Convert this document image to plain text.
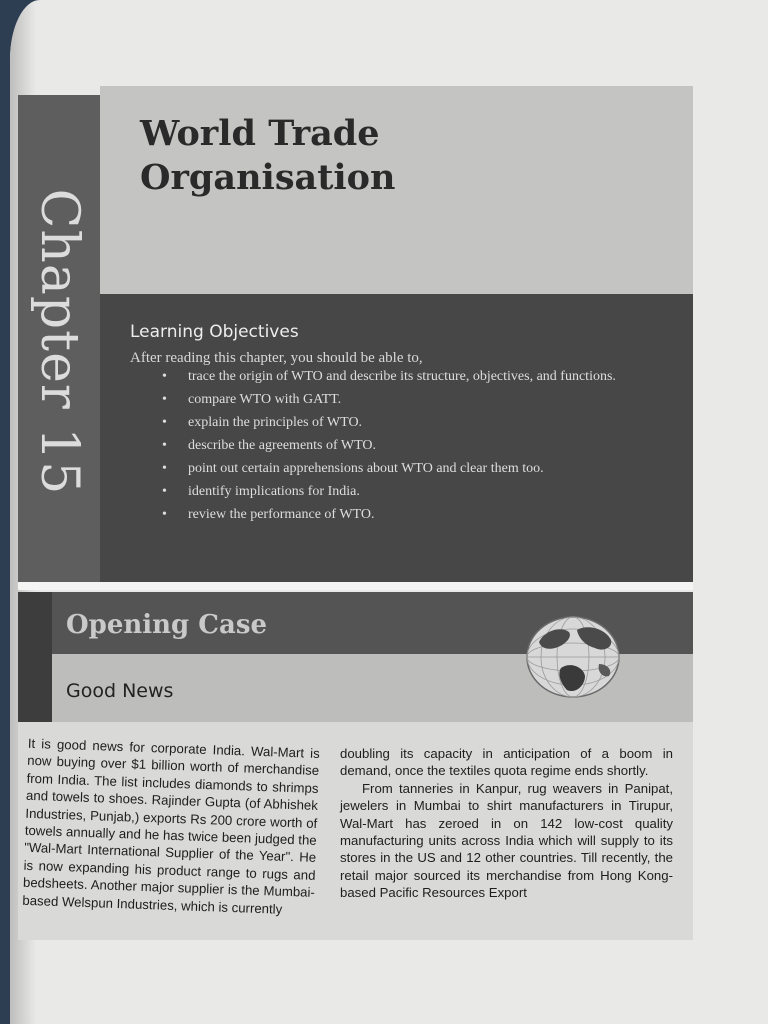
Chapter 15
World Trade
Organisation
Learning Objectives
After reading this chapter, you should be able to,
• trace the origin of WTO and describe its structure, objectives, and functions.
• compare WTO with GATT.
• explain the principles of WTO.
• describe the agreements of WTO.
• point out certain apprehensions about WTO and clear them too.
• identify implications for India.
• review the performance of WTO.
Opening Case
Good News

It is good news for corporate India. Wal-Mart is now buying over $1 billion worth of merchandise from India. The list includes diamonds to shrimps and towels to shoes. Rajinder Gupta (of Abhishek Industries, Punjab,) exports Rs 200 crore worth of towels annually and he has twice been judged the "Wal-Mart International Supplier of the Year". He is now expanding his product range to rugs and bedsheets. Another major supplier is the Mumbai-based Welspun Industries, which is currently

doubling its capacity in anticipation of a boom in demand, once the textiles quota regime ends shortly.

From tanneries in Kanpur, rug weavers in Panipat, jewelers in Mumbai to shirt manufacturers in Tirupur, Wal-Mart has zeroed in on 142 low-cost quality manufacturing units across India which will supply to its stores in the US and 12 other countries. Till recently, the retail major sourced its merchandise from Hong Kong-based Pacific Resources Export
